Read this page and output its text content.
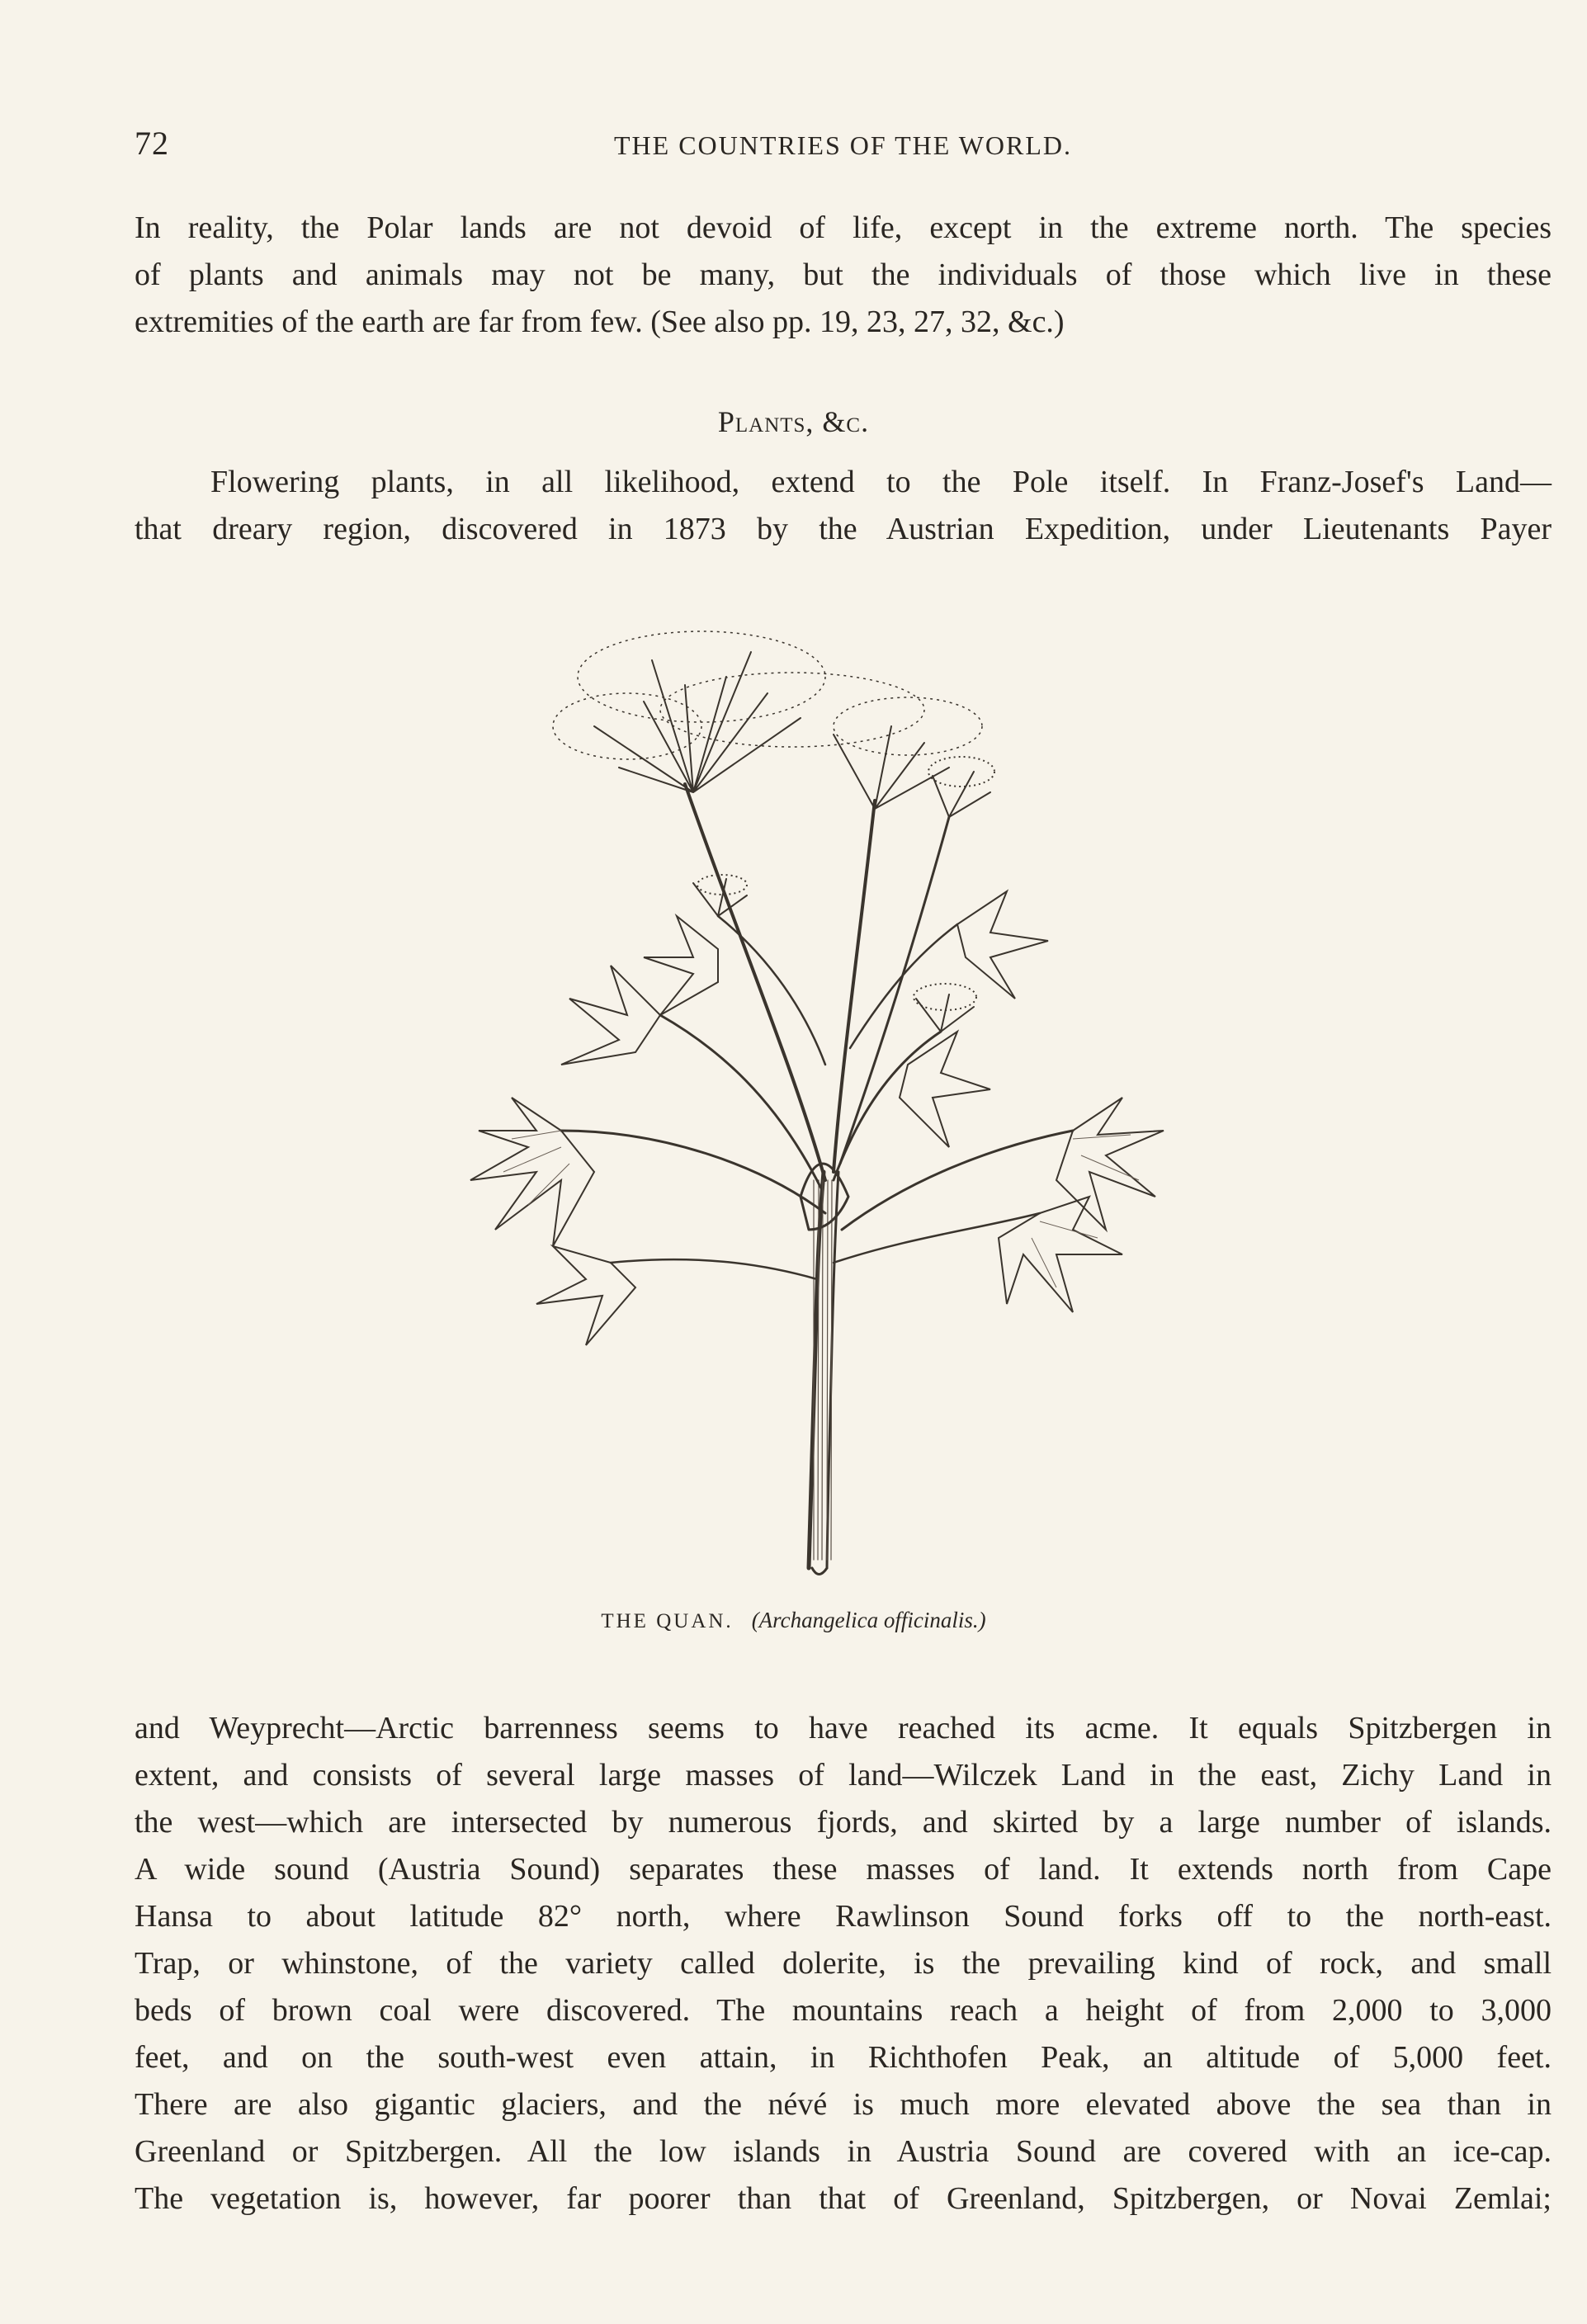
72	THE COUNTRIES OF THE WORLD.

In reality, the Polar lands are not devoid of life, except in the extreme north. The species
of plants and animals may not be many, but the individuals of those which live in these
extremities of the earth are far from few. (See also pp. 19, 23, 27, 32, &c.)

Plants, &c.

Flowering plants, in all likelihood, extend to the Pole itself. In Franz-Josef's Land—
that dreary region, discovered in 1873 by the Austrian Expedition, under Lieutenants Payer

THE QUAN. (Archangelica officinalis.)

and Weyprecht—Arctic barrenness seems to have reached its acme. It equals Spitzbergen in
extent, and consists of several large masses of land—Wilczek Land in the east, Zichy Land in
the west—which are intersected by numerous fjords, and skirted by a large number of islands.
A wide sound (Austria Sound) separates these masses of land. It extends north from Cape
Hansa to about latitude 82° north, where Rawlinson Sound forks off to the north-east.
Trap, or whinstone, of the variety called dolerite, is the prevailing kind of rock, and small
beds of brown coal were discovered. The mountains reach a height of from 2,000 to 3,000
feet, and on the south-west even attain, in Richthofen Peak, an altitude of 5,000 feet.
There are also gigantic glaciers, and the névé is much more elevated above the sea than in
Greenland or Spitzbergen. All the low islands in Austria Sound are covered with an ice-cap.
The vegetation is, however, far poorer than that of Greenland, Spitzbergen, or Novai Zemlai;
